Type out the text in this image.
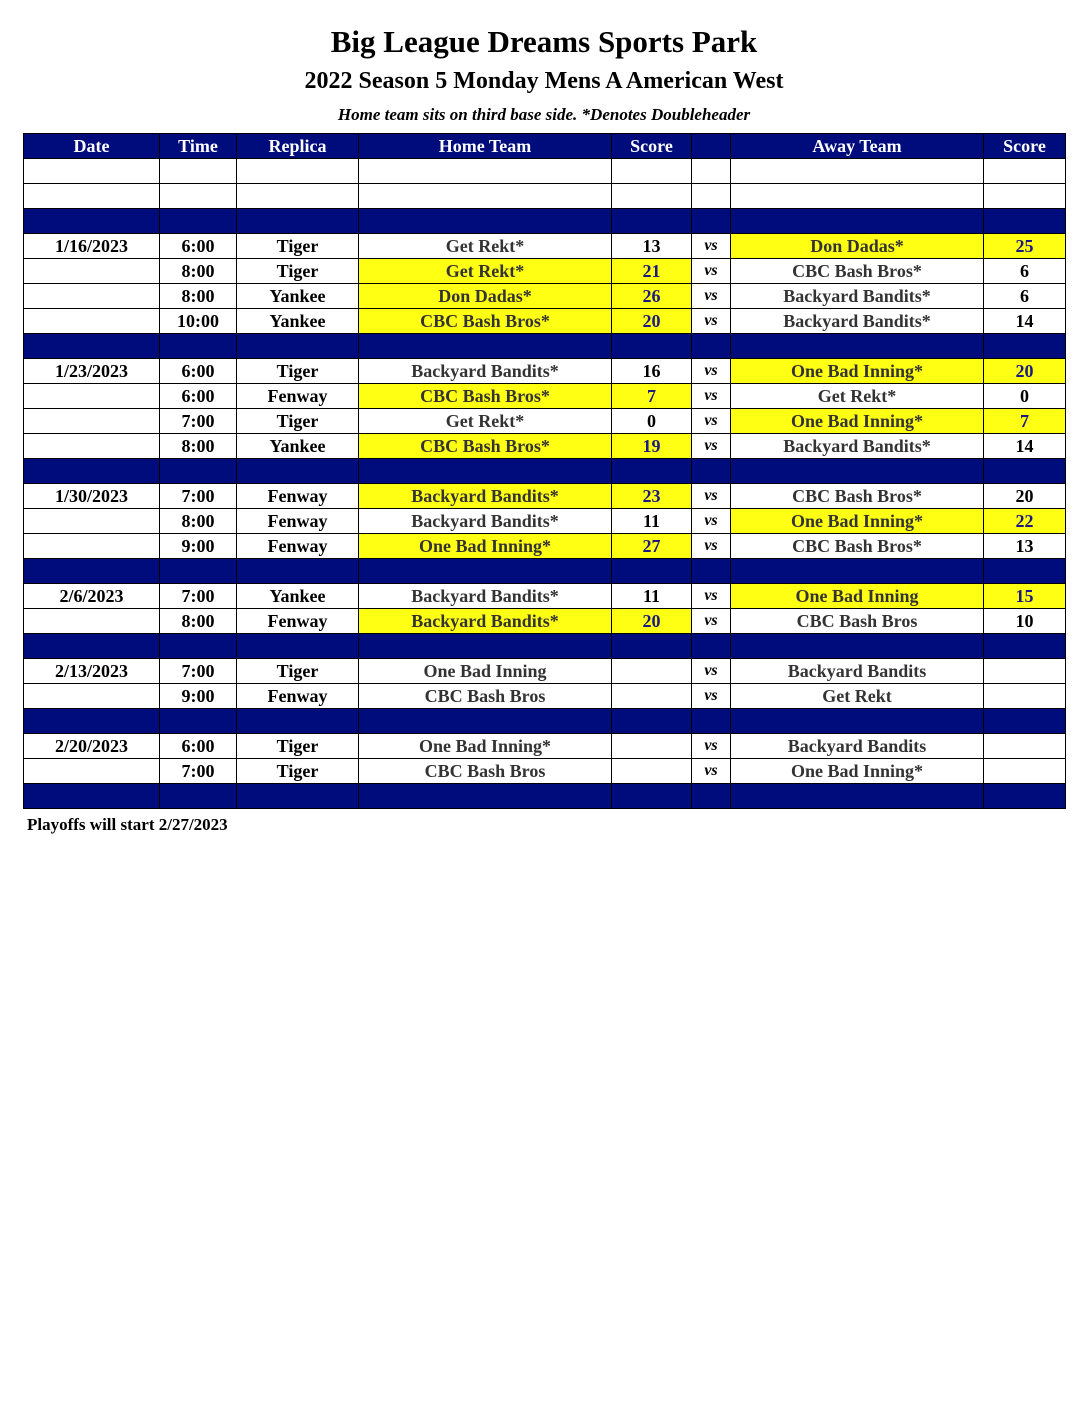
Big League Dreams Sports Park
2022 Season 5 Monday Mens A American West
Home team sits on third base side. *Denotes Doubleheader
Date	Time	Replica	Home Team	Score		Away Team	Score

1/16/2023	6:00	Tiger	Get Rekt*	13	vs	Don Dadas*	25
	8:00	Tiger	Get Rekt*	21	vs	CBC Bash Bros*	6
	8:00	Yankee	Don Dadas*	26	vs	Backyard Bandits*	6
	10:00	Yankee	CBC Bash Bros*	20	vs	Backyard Bandits*	14

1/23/2023	6:00	Tiger	Backyard Bandits*	16	vs	One Bad Inning*	20
	6:00	Fenway	CBC Bash Bros*	7	vs	Get Rekt*	0
	7:00	Tiger	Get Rekt*	0	vs	One Bad Inning*	7
	8:00	Yankee	CBC Bash Bros*	19	vs	Backyard Bandits*	14

1/30/2023	7:00	Fenway	Backyard Bandits*	23	vs	CBC Bash Bros*	20
	8:00	Fenway	Backyard Bandits*	11	vs	One Bad Inning*	22
	9:00	Fenway	One Bad Inning*	27	vs	CBC Bash Bros*	13

2/6/2023	7:00	Yankee	Backyard Bandits*	11	vs	One Bad Inning	15
	8:00	Fenway	Backyard Bandits*	20	vs	CBC Bash Bros	10

2/13/2023	7:00	Tiger	One Bad Inning		vs	Backyard Bandits	
	9:00	Fenway	CBC Bash Bros		vs	Get Rekt	

2/20/2023	6:00	Tiger	One Bad Inning*		vs	Backyard Bandits	
	7:00	Tiger	CBC Bash Bros		vs	One Bad Inning*	

Playoffs will start 2/27/2023
